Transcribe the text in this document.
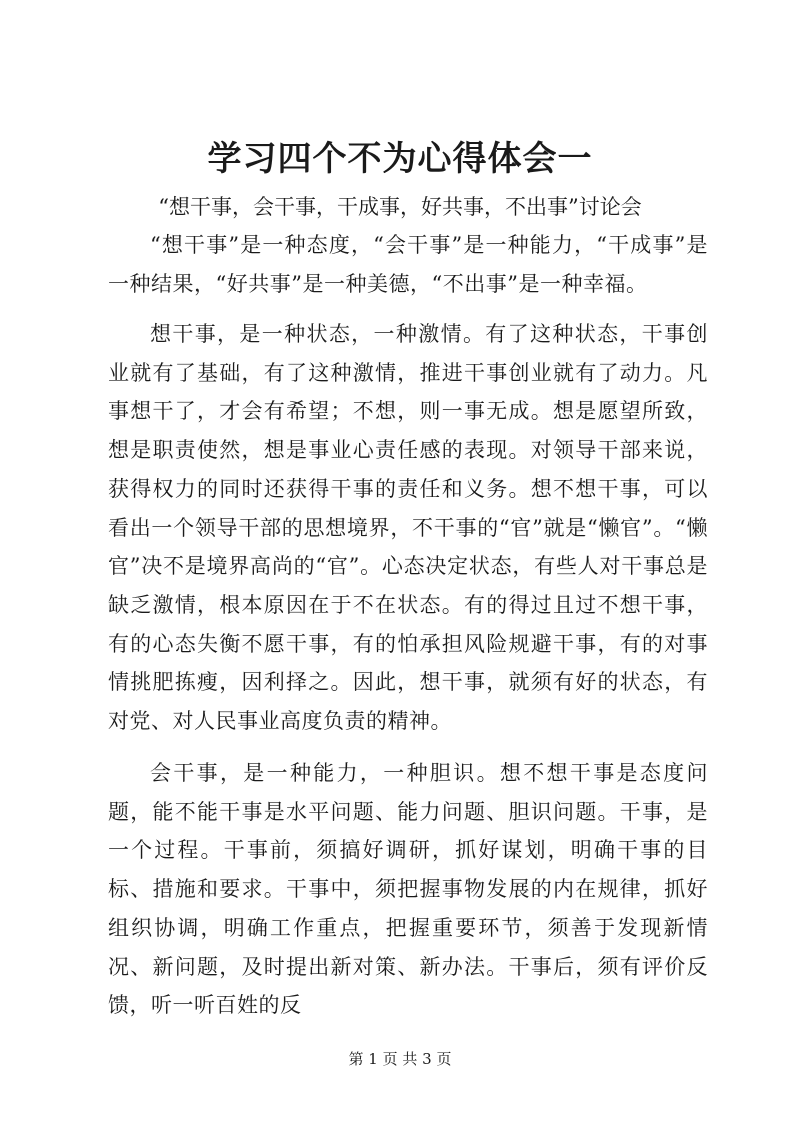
学习四个不为心得体会一
“想干事，会干事，干成事，好共事，不出事”讨论会

“想干事”是一种态度，“会干事”是一种能力，“干成事”是一种结果，“好共事”是一种美德，“不出事”是一种幸福。

想干事，是一种状态，一种激情。有了这种状态，干事创业就有了基础，有了这种激情，推进干事创业就有了动力。凡事想干了，才会有希望；不想，则一事无成。想是愿望所致，想是职责使然，想是事业心责任感的表现。对领导干部来说，获得权力的同时还获得干事的责任和义务。想不想干事，可以看出一个领导干部的思想境界，不干事的“官”就是“懒官”。“懒官”决不是境界高尚的“官”。心态决定状态，有些人对干事总是缺乏激情，根本原因在于不在状态。有的得过且过不想干事，有的心态失衡不愿干事，有的怕承担风险规避干事，有的对事情挑肥拣瘦，因利择之。因此，想干事，就须有好的状态，有对党、对人民事业高度负责的精神。

会干事，是一种能力，一种胆识。想不想干事是态度问题，能不能干事是水平问题、能力问题、胆识问题。干事，是一个过程。干事前，须搞好调研，抓好谋划，明确干事的目标、措施和要求。干事中，须把握事物发展的内在规律，抓好组织协调，明确工作重点，把握重要环节，须善于发现新情况、新问题，及时提出新对策、新办法。干事后，须有评价反馈，听一听百姓的反

第 1 页 共 3 页
